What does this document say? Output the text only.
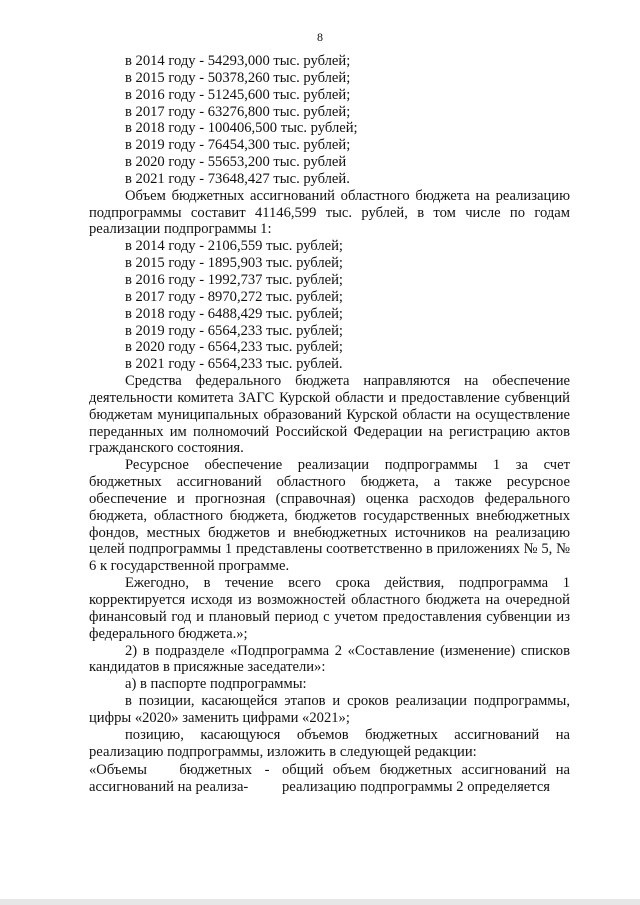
8
в 2014 году - 54293,000 тыс. рублей;
в 2015 году - 50378,260 тыс. рублей;
в 2016 году - 51245,600 тыс. рублей;
в 2017 году - 63276,800 тыс. рублей;
в 2018 году - 100406,500 тыс. рублей;
в 2019 году - 76454,300 тыс. рублей;
в 2020 году - 55653,200 тыс. рублей
в 2021 году - 73648,427 тыс. рублей.

Объем бюджетных ассигнований областного бюджета на реализацию подпрограммы составит 41146,599 тыс. рублей, в том числе по годам реализации подпрограммы 1:

в 2014 году - 2106,559 тыс. рублей;
в 2015 году - 1895,903 тыс. рублей;
в 2016 году - 1992,737 тыс. рублей;
в 2017 году - 8970,272 тыс. рублей;
в 2018 году - 6488,429 тыс. рублей;
в 2019 году - 6564,233 тыс. рублей;
в 2020 году - 6564,233 тыс. рублей;
в 2021 году - 6564,233 тыс. рублей.

Средства федерального бюджета направляются на обеспечение деятельности комитета ЗАГС Курской области и предоставление субвенций бюджетам муниципальных образований Курской области на осуществление переданных им полномочий Российской Федерации на регистрацию актов гражданского состояния.

Ресурсное обеспечение реализации подпрограммы 1 за счет бюджетных ассигнований областного бюджета, а также ресурсное обеспечение и прогнозная (справочная) оценка расходов федерального бюджета, областного бюджета, бюджетов государственных внебюджетных фондов, местных бюджетов и внебюджетных источников на реализацию целей подпрограммы 1 представлены соответственно в приложениях № 5, № 6 к государственной программе.

Ежегодно, в течение всего срока действия, подпрограмма 1 корректируется исходя из возможностей областного бюджета на очередной финансовый год и плановый период с учетом предоставления субвенции из федерального бюджета.»;

2) в подразделе «Подпрограмма 2 «Составление (изменение) списков кандидатов в присяжные заседатели»:

а) в паспорте подпрограммы:

в позиции, касающейся этапов и сроков реализации подпрограммы, цифры «2020» заменить цифрами «2021»;

позицию, касающуюся объемов бюджетных ассигнований на реализацию подпрограммы, изложить в следующей редакции:

«Объемы бюджетных ассигнований на реализа-
- общий объем бюджетных ассигнований на реализацию подпрограммы 2 определяется
